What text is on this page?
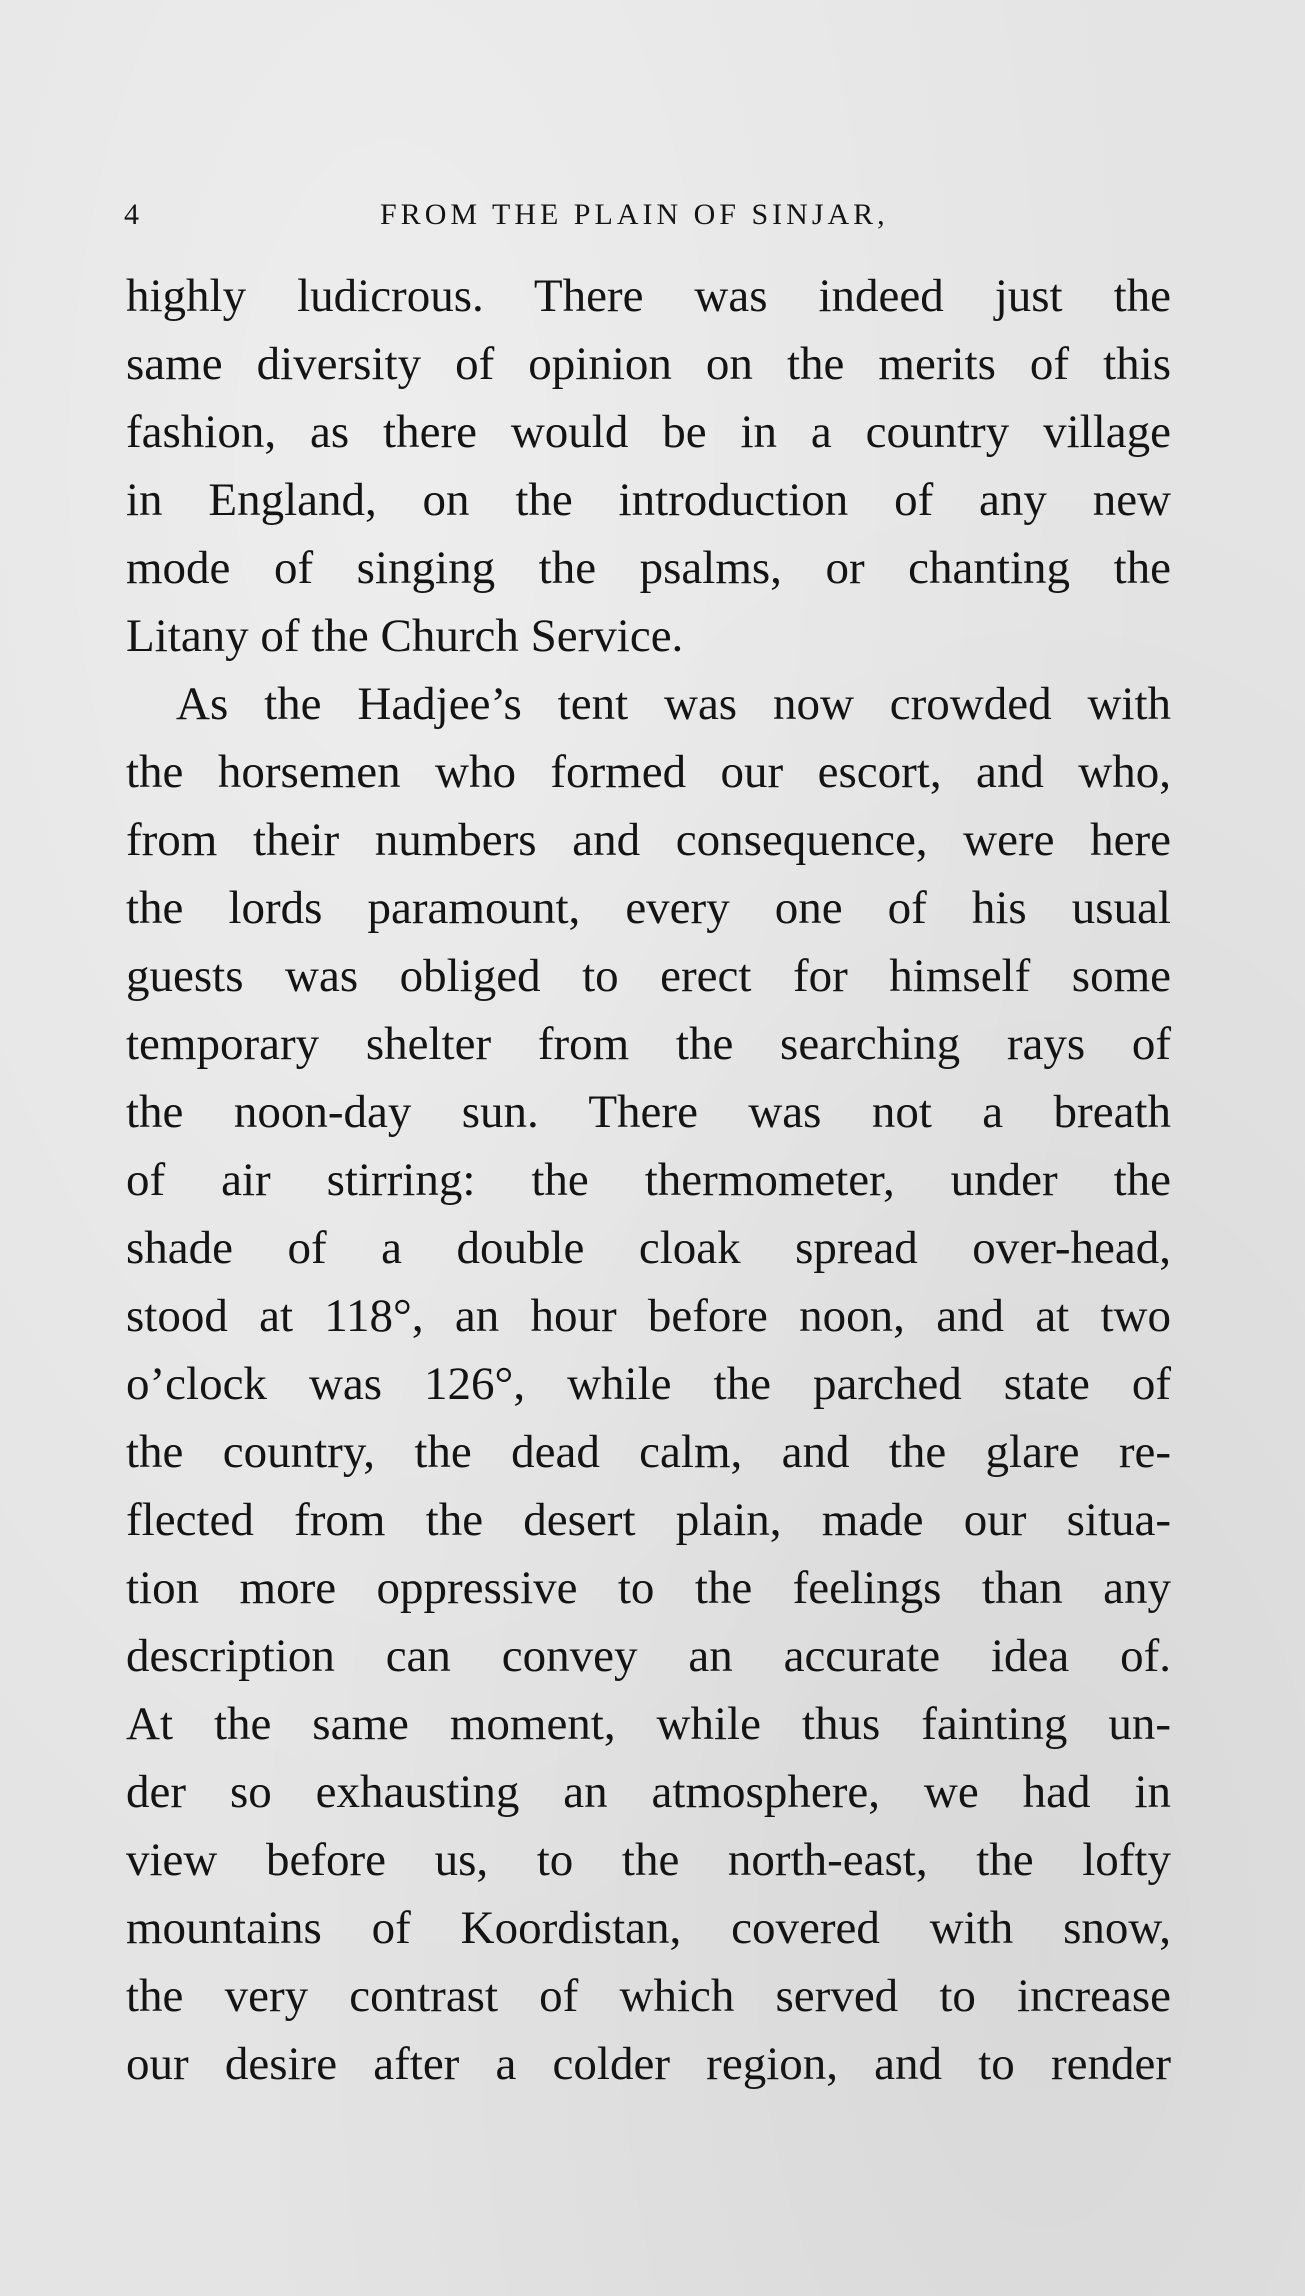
4	FROM THE PLAIN OF SINJAR,
highly ludicrous. There was indeed just the
same diversity of opinion on the merits of this
fashion, as there would be in a country village
in England, on the introduction of any new
mode of singing the psalms, or chanting the
Litany of the Church Service.
As the Hadjee’s tent was now crowded with
the horsemen who formed our escort, and who,
from their numbers and consequence, were here
the lords paramount, every one of his usual
guests was obliged to erect for himself some
temporary shelter from the searching rays of
the noon-day sun. There was not a breath
of air stirring: the thermometer, under the
shade of a double cloak spread over-head,
stood at 118°, an hour before noon, and at two
o’clock was 126°, while the parched state of
the country, the dead calm, and the glare re-
flected from the desert plain, made our situa-
tion more oppressive to the feelings than any
description can convey an accurate idea of.
At the same moment, while thus fainting un-
der so exhausting an atmosphere, we had in
view before us, to the north-east, the lofty
mountains of Koordistan, covered with snow,
the very contrast of which served to increase
our desire after a colder region, and to render
